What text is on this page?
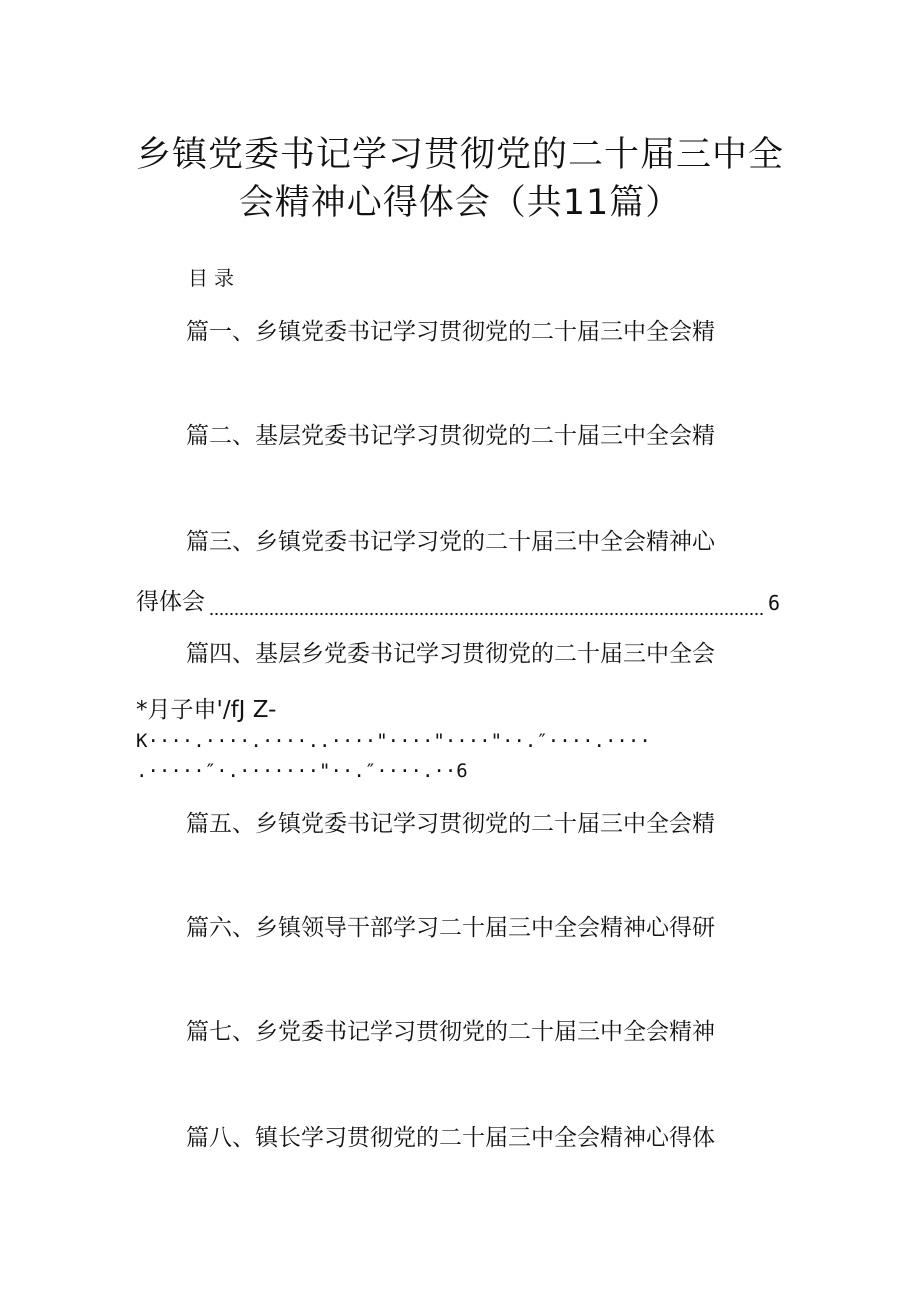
乡镇党委书记学习贯彻党的二十届三中全
会精神心得体会（共11篇）
目录
篇一、乡镇党委书记学习贯彻党的二十届三中全会精
篇二、基层党委书记学习贯彻党的二十届三中全会精
篇三、乡镇党委书记学习党的二十届三中全会精神心
得体会	6
篇四、基层乡党委书记学习贯彻党的二十届三中全会
*月子申'/fJ Z-
K····.····.····..····"····"····"··.″····.····
.·····″·.·······"··.″····.··6
篇五、乡镇党委书记学习贯彻党的二十届三中全会精
篇六、乡镇领导干部学习二十届三中全会精神心得研
篇七、乡党委书记学习贯彻党的二十届三中全会精神
篇八、镇长学习贯彻党的二十届三中全会精神心得体
